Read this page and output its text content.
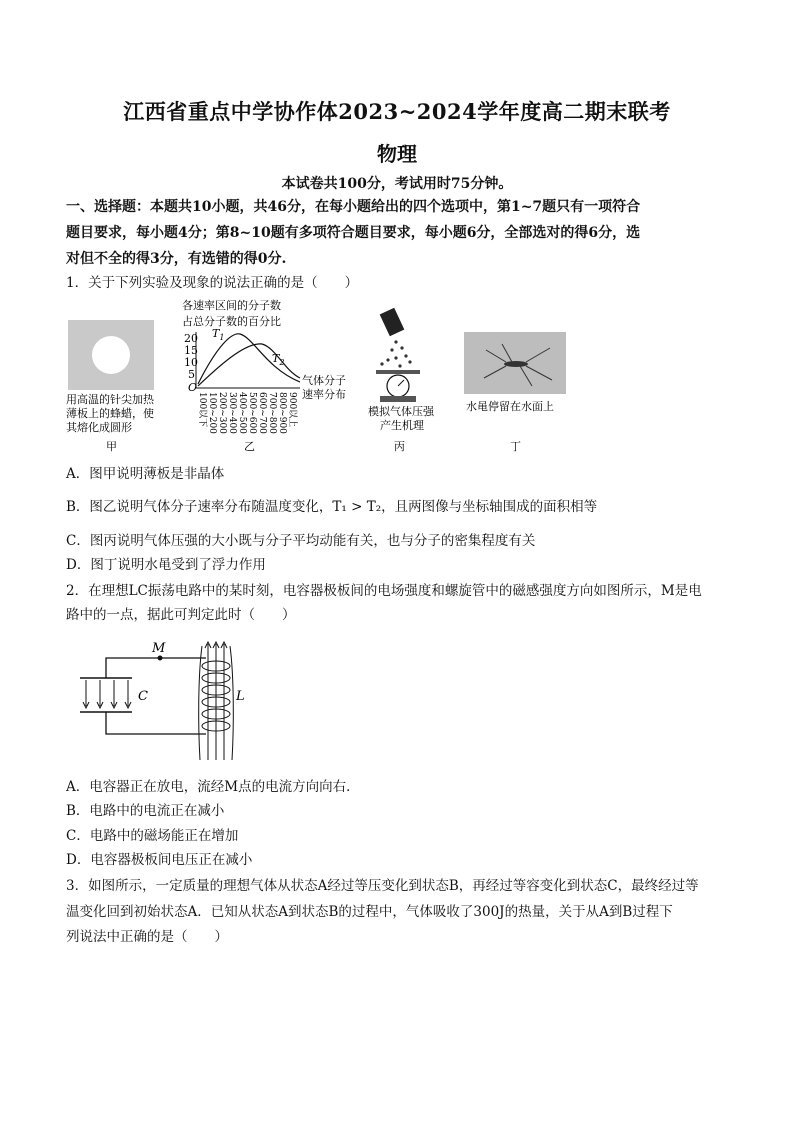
江西省重点中学协作体2023~2024学年度高二期末联考
物理
本试卷共100分，考试用时75分钟。
一、选择题：本题共10小题，共46分，在每小题给出的四个选项中，第1~7题只有一项符合
题目要求，每小题4分；第8~10题有多项符合题目要求，每小题6分，全部选对的得6分，选
对但不全的得3分，有选错的得0分.
1．关于下列实验及现象的说法正确的是（　　）
用高温的针尖加热
薄板上的蜂蜡，使
其熔化成圆形
甲
各速率区间的分子数
占总分子数的百分比
20
15
10
5
O
$T_1$
$T_2$
100以下 100~200 200~300 300~400 400~500 500~600 600~700 700~800 800~900 900以上
气体分子
速率分布
乙
模拟气体压强
产生机理
丙
水黾停留在水面上
丁
A．图甲说明薄板是非晶体
B．图乙说明气体分子速率分布随温度变化，T₁ > T₂，且两图像与坐标轴围成的面积相等
C．图丙说明气体压强的大小既与分子平均动能有关，也与分子的密集程度有关
D．图丁说明水黾受到了浮力作用
2．在理想LC振荡电路中的某时刻，电容器极板间的电场强度和螺旋管中的磁感强度方向如图所示，M是电
路中的一点，据此可判定此时（　　）
M
C	L
A．电容器正在放电，流经M点的电流方向向右．
B．电路中的电流正在减小
C．电路中的磁场能正在增加
D．电容器极板间电压正在减小
3．如图所示，一定质量的理想气体从状态A经过等压变化到状态B，再经过等容变化到状态C，最终经过等
温变化回到初始状态A．已知从状态A到状态B的过程中，气体吸收了300J的热量，关于从A到B过程下
列说法中正确的是（　　）
